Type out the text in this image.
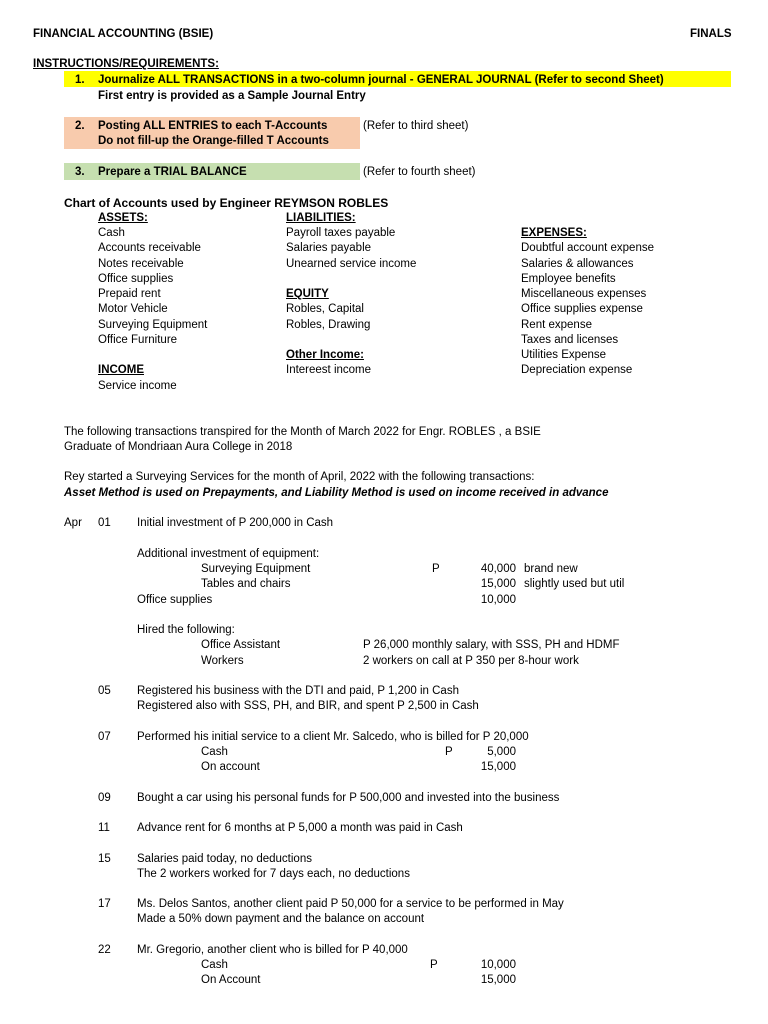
FINANCIAL ACCOUNTING (BSIE)	FINALS
INSTRUCTIONS/REQUIREMENTS:
1. Journalize ALL TRANSACTIONS in a two-column journal - GENERAL JOURNAL (Refer to second Sheet)
First entry is provided as a Sample Journal Entry
2. Posting ALL ENTRIES to each T-Accounts
Do not fill-up the Orange-filled T Accounts
(Refer to third sheet)
3. Prepare a TRIAL BALANCE	(Refer to fourth sheet)
Chart of Accounts used by Engineer REYMSON ROBLES
ASSETS:
Cash
Accounts receivable
Notes receivable
Office supplies
Prepaid rent
Motor Vehicle
Surveying Equipment
Office Furniture
INCOME
Service income
LIABILITIES:
Payroll taxes payable
Salaries payable
Unearned service income
EQUITY
Robles, Capital
Robles, Drawing
Other Income:
Intereest income
EXPENSES:
Doubtful account expense
Salaries & allowances
Employee benefits
Miscellaneous expenses
Office supplies expense
Rent expense
Taxes and licenses
Utilities Expense
Depreciation expense
The following transactions transpired for the Month of March 2022 for Engr. ROBLES , a BSIE
Graduate of Mondriaan Aura College in 2018
Rey started a Surveying Services for the month of April, 2022 with the following transactions:
Asset Method is used on Prepayments, and Liability Method is used on income received in advance
Apr 01 Initial investment of P 200,000 in Cash
Additional investment of equipment:
Surveying Equipment	P	40,000 brand new
Tables and chairs	15,000 slightly used but util
Office supplies	10,000
Hired the following:
Office Assistant	P 26,000 monthly salary, with SSS, PH and HDMF
Workers	2 workers on call at P 350 per 8-hour work
05 Registered his business with the DTI and paid, P 1,200 in Cash
Registered also with SSS, PH, and BIR, and spent P 2,500 in Cash
07 Performed his initial service to a client Mr. Salcedo, who is billed for P 20,000
Cash	P	5,000
On account	15,000
09 Bought a car using his personal funds for P 500,000 and invested into the business
11 Advance rent for 6 months at P 5,000 a month was paid in Cash
15 Salaries paid today, no deductions
The 2 workers worked for 7 days each, no deductions
17 Ms. Delos Santos, another client paid P 50,000 for a service to be performed in May
Made a 50% down payment and the balance on account
22 Mr. Gregorio, another client who is billed for P 40,000
Cash	P	10,000
On Account	15,000
